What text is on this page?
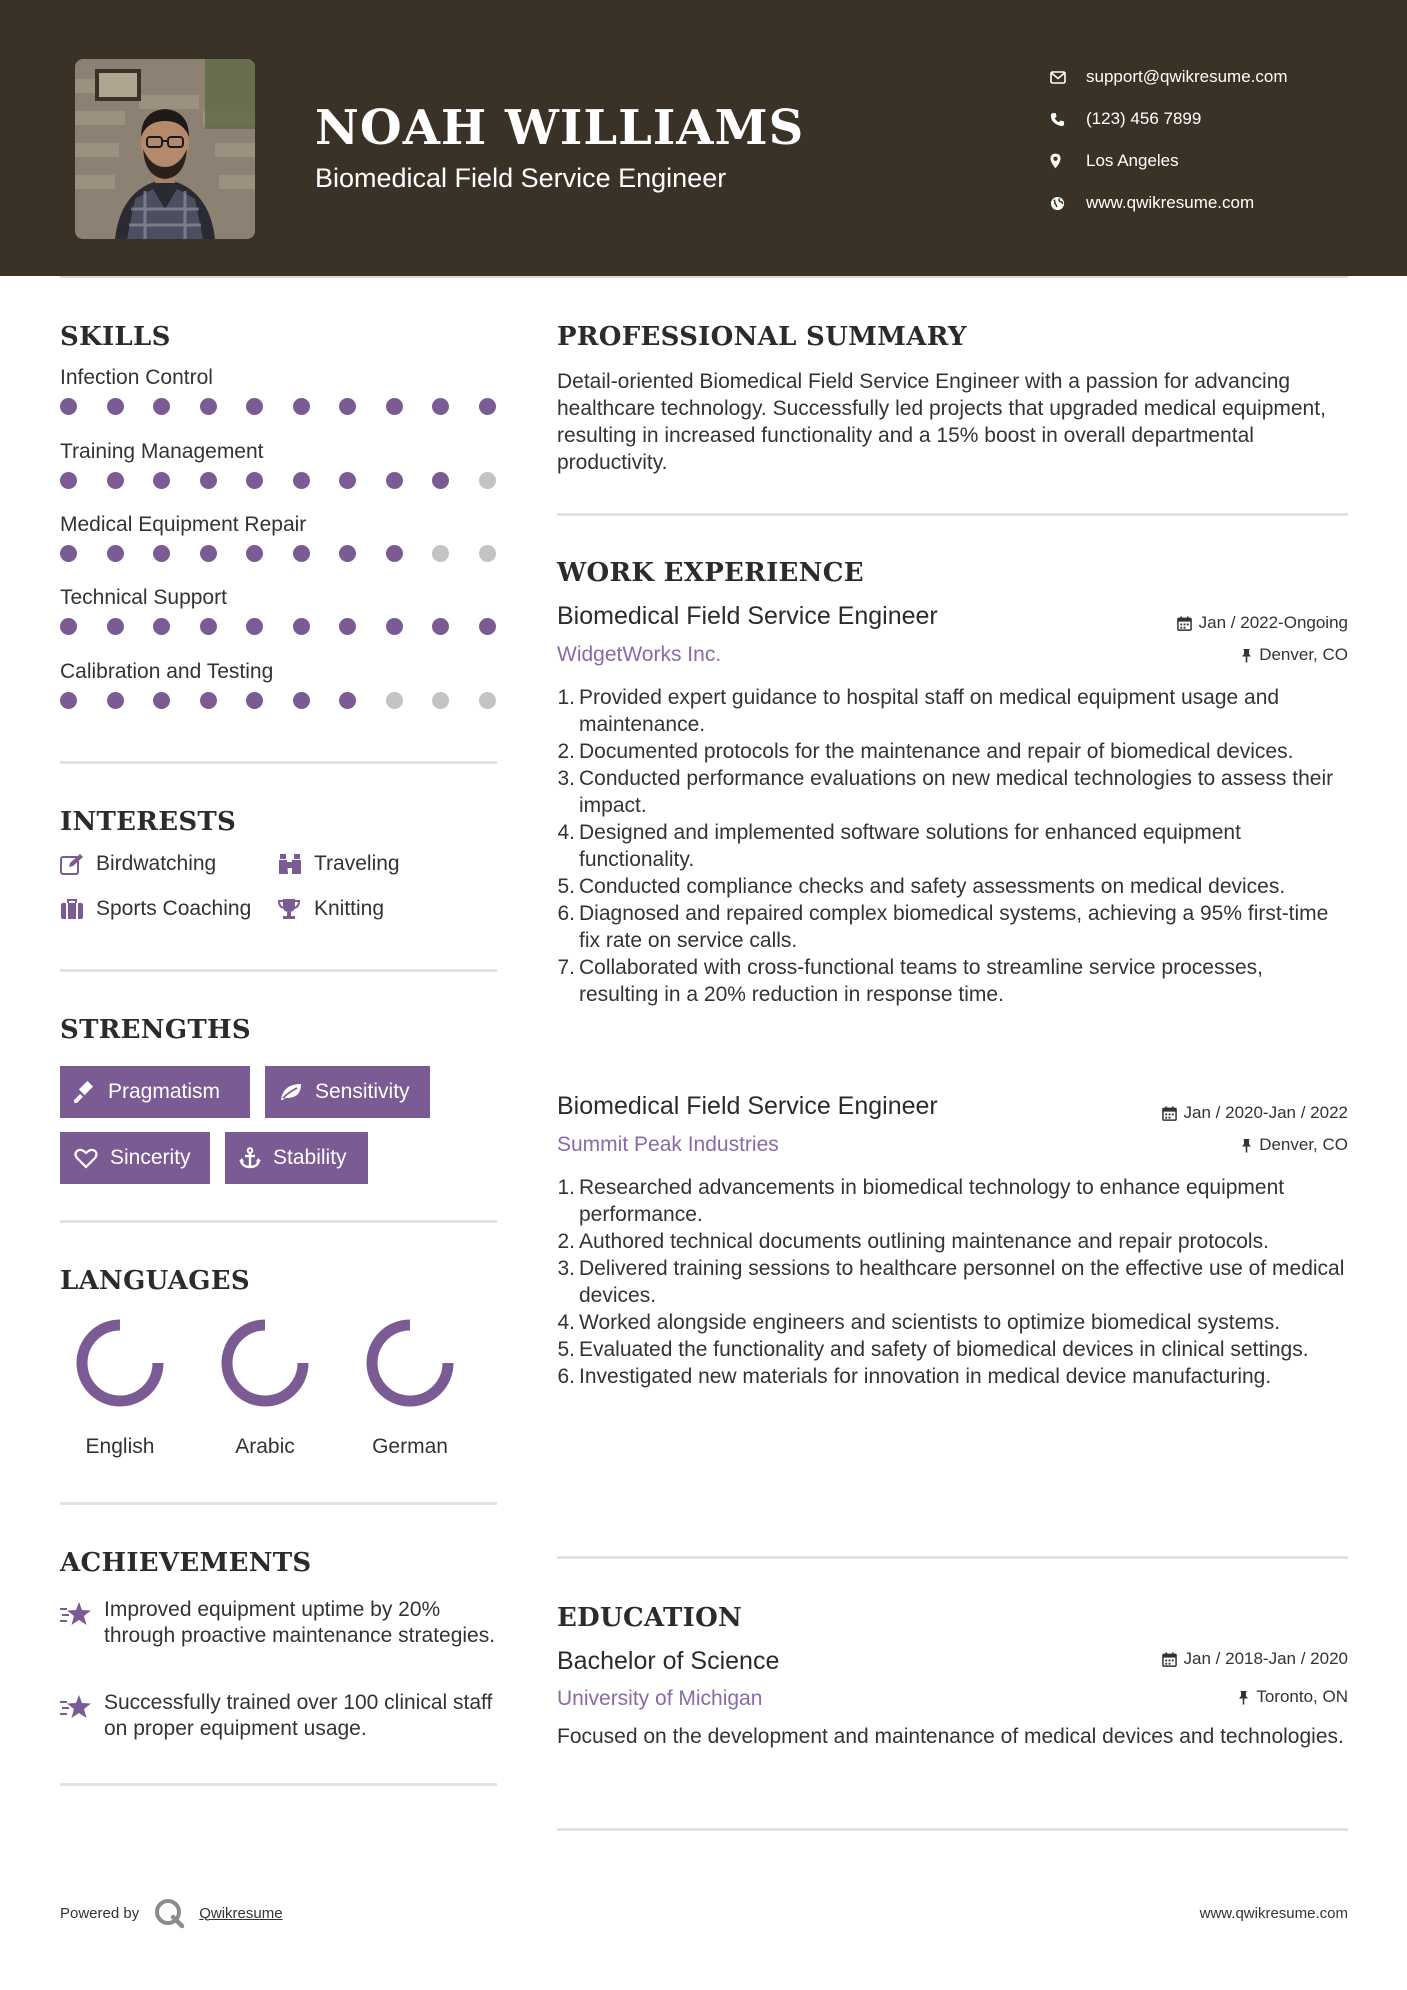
NOAH WILLIAMS
Biomedical Field Service Engineer
support@qwikresume.com
(123) 456 7899
Los Angeles
www.qwikresume.com
SKILLS
Infection Control
Training Management
Medical Equipment Repair
Technical Support
Calibration and Testing
INTERESTS
Birdwatching	Traveling
Sports Coaching	Knitting
STRENGTHS
Pragmatism	Sensitivity
Sincerity	Stability
LANGUAGES
English	Arabic	German
ACHIEVEMENTS
Improved equipment uptime by 20% through proactive maintenance strategies.
Successfully trained over 100 clinical staff on proper equipment usage.
PROFESSIONAL SUMMARY
Detail-oriented Biomedical Field Service Engineer with a passion for advancing healthcare technology. Successfully led projects that upgraded medical equipment, resulting in increased functionality and a 15% boost in overall departmental productivity.
WORK EXPERIENCE
Biomedical Field Service Engineer	Jan / 2022-Ongoing
WidgetWorks Inc.	Denver, CO
1 . Provided expert guidance to hospital staff on medical equipment usage and maintenance.
2 . Documented protocols for the maintenance and repair of biomedical devices.
3 . Conducted performance evaluations on new medical technologies to assess their impact.
4 . Designed and implemented software solutions for enhanced equipment functionality.
5 . Conducted compliance checks and safety assessments on medical devices.
6 . Diagnosed and repaired complex biomedical systems, achieving a 95% first-time fix rate on service calls.
7 . Collaborated with cross-functional teams to streamline service processes, resulting in a 20% reduction in response time.
Biomedical Field Service Engineer	Jan / 2020-Jan / 2022
Summit Peak Industries	Denver, CO
1 . Researched advancements in biomedical technology to enhance equipment performance.
2 . Authored technical documents outlining maintenance and repair protocols.
3 . Delivered training sessions to healthcare personnel on the effective use of medical devices.
4 . Worked alongside engineers and scientists to optimize biomedical systems.
5 . Evaluated the functionality and safety of biomedical devices in clinical settings.
6 . Investigated new materials for innovation in medical device manufacturing.
EDUCATION
Bachelor of Science	Jan / 2018-Jan / 2020
University of Michigan	Toronto, ON
Focused on the development and maintenance of medical devices and technologies.
Powered by	Qwikresume	www.qwikresume.com
